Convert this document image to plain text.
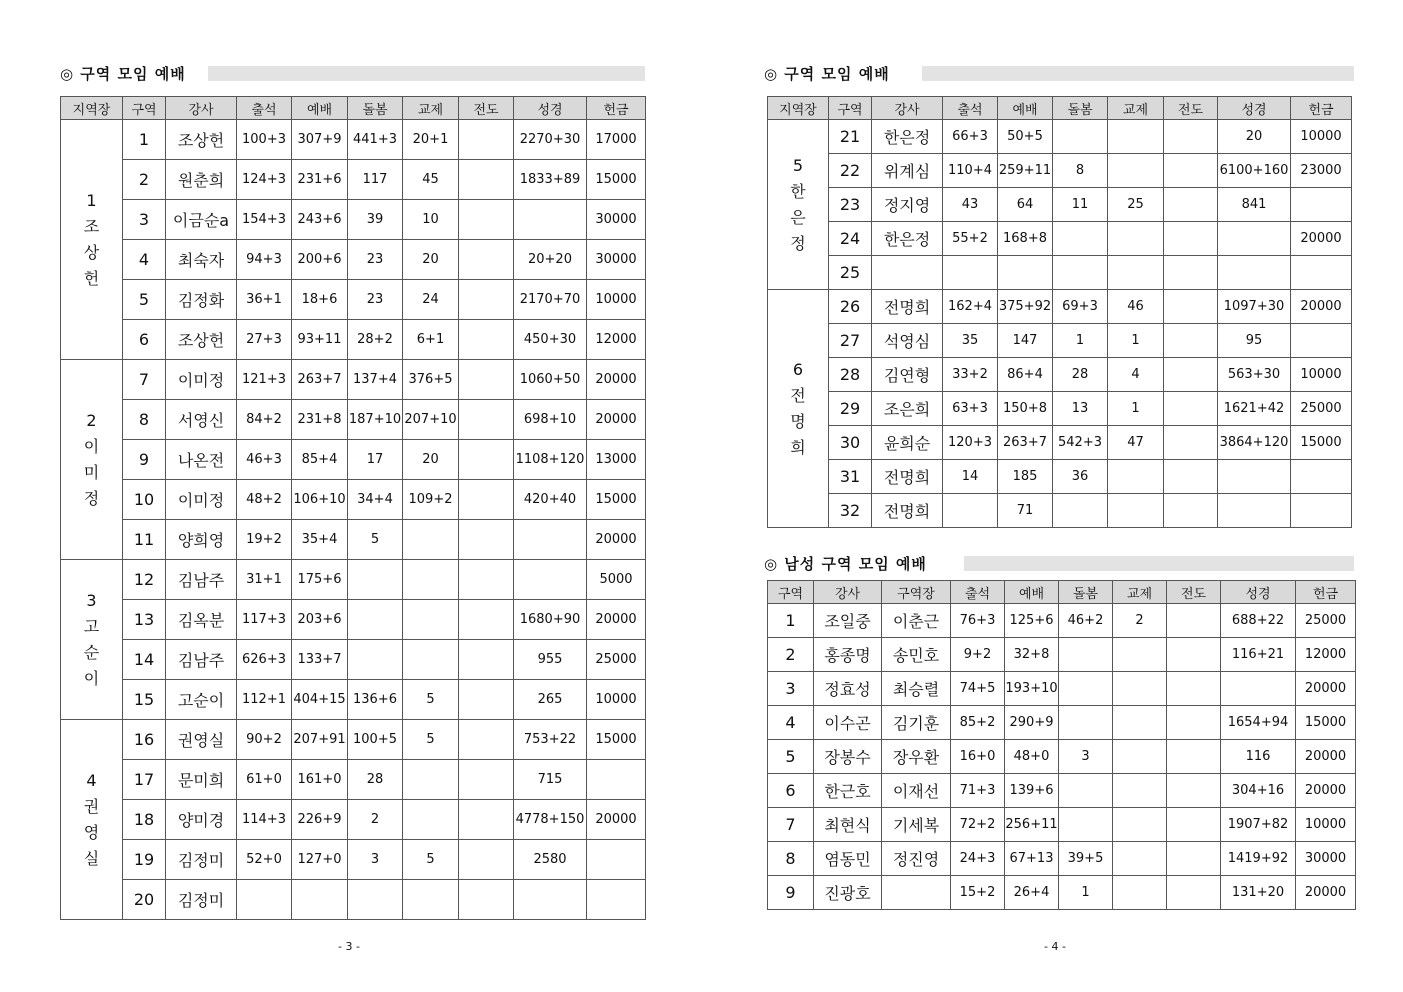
◎ 구역 모임 예배
지역장	구역	강사	출석	예배	돌봄	교제	전도	성경	헌금

1
조
상
헌	1	조상헌	100+3	307+9	441+3	20+1		2270+30	17000
	2	원춘희	124+3	231+6	117	45		1833+89	15000
	3	이금순a	154+3	243+6	39	10			30000
	4	최숙자	94+3	200+6	23	20		20+20	30000
	5	김정화	36+1	18+6	23	24		2170+70	10000
	6	조상헌	27+3	93+11	28+2	6+1		450+30	12000

2
이
미
정	7	이미정	121+3	263+7	137+4	376+5		1060+50	20000
	8	서영신	84+2	231+8	187+10	207+10		698+10	20000
	9	나온전	46+3	85+4	17	20		1108+120	13000
	10	이미정	48+2	106+10	34+4	109+2		420+40	15000
	11	양희영	19+2	35+4	5				20000

3
고
순
이	12	김남주	31+1	175+6					5000
	13	김옥분	117+3	203+6				1680+90	20000
	14	김남주	626+3	133+7				955	25000
	15	고순이	112+1	404+15	136+6	5		265	10000

4
권
영
실	16	권영실	90+2	207+91	100+5	5		753+22	15000
	17	문미희	61+0	161+0	28			715	
	18	양미경	114+3	226+9	2			4778+150	20000
	19	김정미	52+0	127+0	3	5		2580	
	20	김정미							
- 3 -
◎ 구역 모임 예배
지역장	구역	강사	출석	예배	돌봄	교제	전도	성경	헌금

5
한
은
정	21	한은정	66+3	50+5				20	10000
	22	위계심	110+4	259+11	8			6100+160	23000
	23	정지영	43	64	11	25		841	
	24	한은정	55+2	168+8					20000
	25								

6
전
명
희	26	전명희	162+4	375+92	69+3	46		1097+30	20000
	27	석영심	35	147	1	1		95	
	28	김연형	33+2	86+4	28	4		563+30	10000
	29	조은희	63+3	150+8	13	1		1621+42	25000
	30	윤희순	120+3	263+7	542+3	47		3864+120	15000
	31	전명희	14	185	36				
	32	전명희		71					
◎ 남성 구역 모임 예배
구역	강사	구역장	출석	예배	돌봄	교제	전도	성경	헌금
1	조일중	이춘근	76+3	125+6	46+2	2		688+22	25000
2	홍종명	송민호	9+2	32+8				116+21	12000
3	정효성	최승렬	74+5	193+10					20000
4	이수곤	김기훈	85+2	290+9				1654+94	15000
5	장봉수	장우환	16+0	48+0	3			116	20000
6	한근호	이재선	71+3	139+6				304+16	20000
7	최현식	기세복	72+2	256+11				1907+82	10000
8	염동민	정진영	24+3	67+13	39+5			1419+92	30000
9	진광호		15+2	26+4	1			131+20	20000
- 4 -
